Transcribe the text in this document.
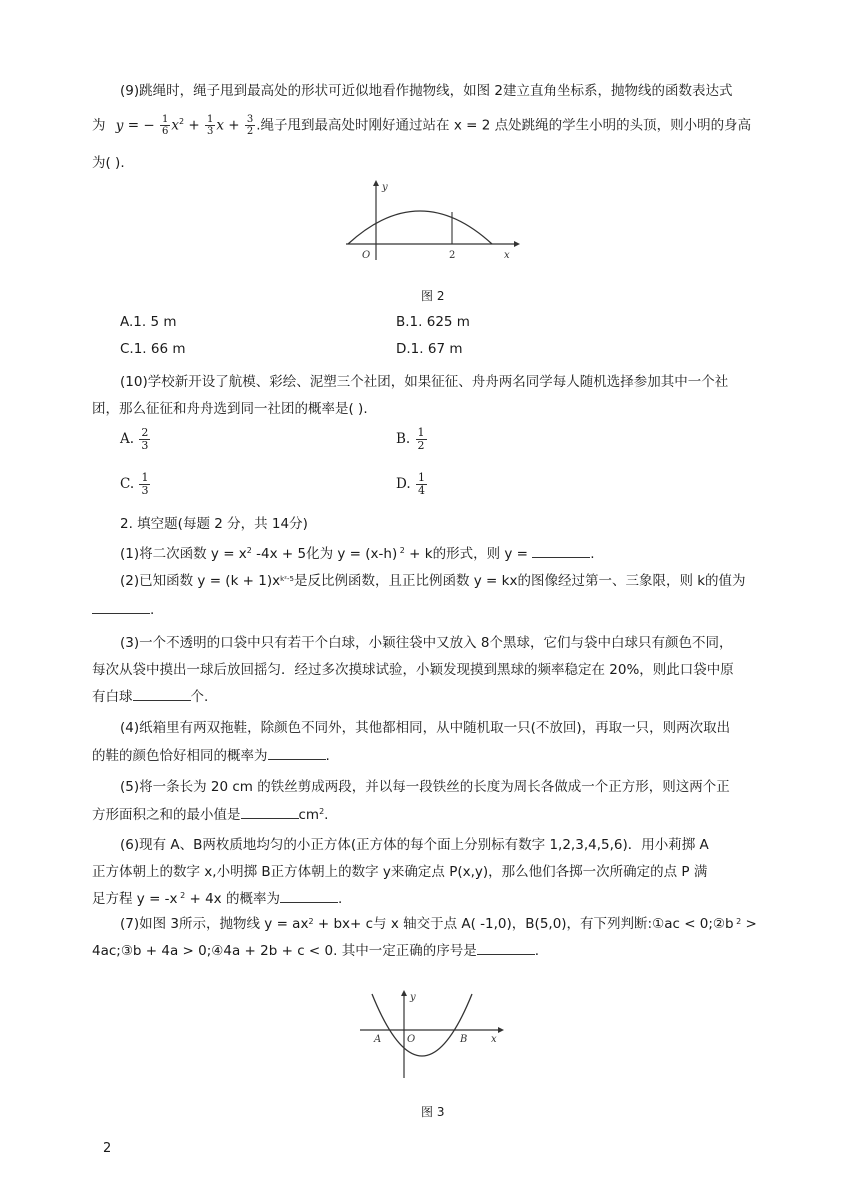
(9)跳绳时，绳子甩到最高处的形状可近似地看作抛物线，如图 2建立直角坐标系，抛物线的函数表达式
为 y = − $\frac{1}{6} x^2 + \frac{1}{3}$ $x + \frac{3}{2}$ .绳子甩到最高处时刚好通过站在 x = 2 点处跳绳的学生小明的头顶，则小明的身高
为( ).
y
O	2	x
图 2
A.1. 5 m	B.1. 625 m
C.1. 66 m	D.1. 67 m
(10)学校新开设了航模、彩绘、泥塑三个社团，如果征征、舟舟两名同学每人随机选择参加其中一个社
团，那么征征和舟舟选到同一社团的概率是( ).
A. $\frac{2}{3}$	B. $\frac{1}{2}$
C. $\frac{1}{3}$	D. $\frac{1}{4}$
2. 填空题(每题 2 分，共 14分)
(1)将二次函数 $y = x^2$ -4x + 5化为 y = (x-h) $^2$ + k的形式，则 y =	.
(2)已知函数 $y = (k + 1)x^{k^2-5}$是反比例函数，且正比例函数 y = kx的图像经过第一、三象限，则 k的值为
.
(3)一个不透明的口袋中只有若干个白球，小颖往袋中又放入 8个黑球，它们与袋中白球只有颜色不同，
每次从袋中摸出一球后放回摇匀．经过多次摸球试验，小颖发现摸到黑球的频率稳定在 20%，则此口袋中原
有白球	个.
(4)纸箱里有两双拖鞋，除颜色不同外，其他都相同，从中随机取一只(不放回)，再取一只，则两次取出
的鞋的颜色恰好相同的概率为	.
(5)将一条长为 20 cm 的铁丝剪成两段，并以每一段铁丝的长度为周长各做成一个正方形，则这两个正
方形面积之和的最小值是	$cm^2$.
(6)现有 A、B两枚质地均匀的小正方体(正方体的每个面上分别标有数字 1,2,3,4,5,6)．用小莉掷 A
正方体朝上的数字 x,小明掷 B正方体朝上的数字 y来确定点 P(x,y)，那么他们各掷一次所确定的点 P 满
足方程 y = -x $^2$ + 4x 的概率为	.
(7)如图 3所示，抛物线 $y = ax^2 + bx+ c$与 x 轴交于点 A( -1,0)，B(5,0)，有下列判断:①ac < 0;②b $^2$ >
4ac;③b + 4a > 0;④4a + 2b + c < 0. 其中一定正确的序号是	.
y
A	O	B x
图 3
2
